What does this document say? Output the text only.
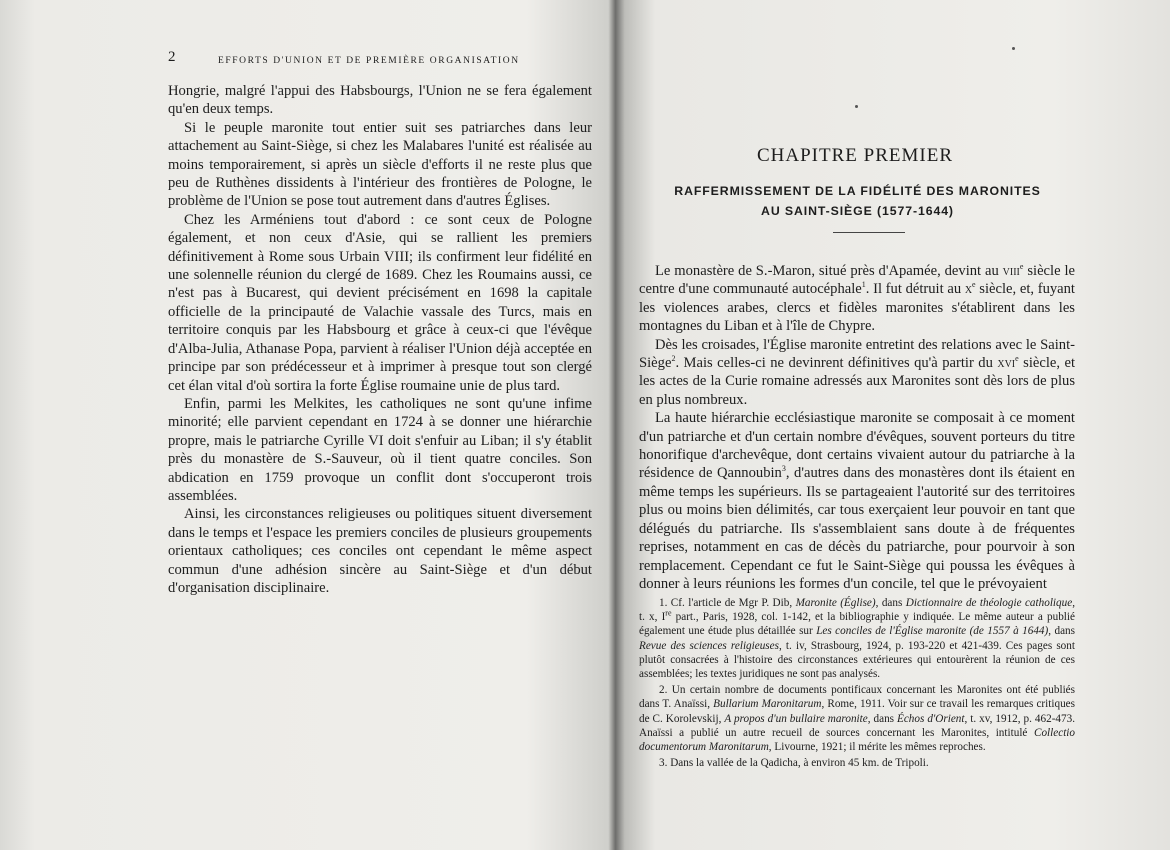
EFFORTS D'UNION ET DE PREMIÈRE ORGANISATION
2

Hongrie, malgré l'appui des Habsbourgs, l'Union ne se fera également qu'en deux temps.

Si le peuple maronite tout entier suit ses patriarches dans leur attachement au Saint-Siège, si chez les Malabares l'unité est réalisée au moins temporairement, si après un siècle d'efforts il ne reste plus que peu de Ruthènes dissidents à l'intérieur des frontières de Pologne, le problème de l'Union se pose tout autrement dans d'autres Églises.

Chez les Arméniens tout d'abord : ce sont ceux de Pologne également, et non ceux d'Asie, qui se rallient les premiers définitivement à Rome sous Urbain VIII; ils confirment leur fidélité en une solennelle réunion du clergé de 1689. Chez les Roumains aussi, ce n'est pas à Bucarest, qui devient précisément en 1698 la capitale officielle de la principauté de Valachie vassale des Turcs, mais en territoire conquis par les Habsbourg et grâce à ceux-ci que l'évêque d'Alba-Julia, Athanase Popa, parvient à réaliser l'Union déjà acceptée en principe par son prédécesseur et à imprimer à presque tout son clergé cet élan vital d'où sortira la forte Église roumaine unie de plus tard.

Enfin, parmi les Melkites, les catholiques ne sont qu'une infime minorité; elle parvient cependant en 1724 à se donner une hiérarchie propre, mais le patriarche Cyrille VI doit s'enfuir au Liban; il s'y établit près du monastère de S.-Sauveur, où il tient quatre conciles. Son abdication en 1759 provoque un conflit dont s'occuperont trois assemblées.

Ainsi, les circonstances religieuses ou politiques situent diversement dans le temps et l'espace les premiers conciles de plusieurs groupements orientaux catholiques; ces conciles ont cependant le même aspect commun d'une adhésion sincère au Saint-Siège et d'un début d'organisation disciplinaire.

CHAPITRE PREMIER
RAFFERMISSEMENT DE LA FIDÉLITÉ DES MARONITES
AU SAINT-SIÈGE (1577-1644)

Le monastère de S.-Maron, situé près d'Apamée, devint au viii$^e$ siècle le centre d'une communauté autocéphale$^1$. Il fut détruit au $x^e$ siècle, et, fuyant les violences arabes, clercs et fidèles maronites s'établirent dans les montagnes du Liban et à l'île de Chypre.

Dès les croisades, l'Église maronite entretint des relations avec le Saint-Siège$^2$. Mais celles-ci ne devinrent définitives qu'à partir du xvi$^e$ siècle, et les actes de la Curie romaine adressés aux Maronites sont dès lors de plus en plus nombreux.

La haute hiérarchie ecclésiastique maronite se composait à ce moment d'un patriarche et d'un certain nombre d'évêques, souvent porteurs du titre honorifique d'archevêque, dont certains vivaient autour du patriarche à la résidence de Qannoubin$^3$, d'autres dans des monastères dont ils étaient en même temps les supérieurs. Ils se partageaient l'autorité sur des territoires plus ou moins bien délimités, car tous exerçaient leur pouvoir en tant que délégués du patriarche. Ils s'assemblaient sans doute à de fréquentes reprises, notamment en cas de décès du patriarche, pour pourvoir à son remplacement. Cependant ce fut le Saint-Siège qui poussa les évêques à donner à leurs réunions les formes d'un concile, tel que le prévoyaient

1. Cf. l'article de Mgr P. Dib, Maronite (Église), dans Dictionnaire de théologie catholique, t. x, Ire part., Paris, 1928, col. 1-142, et la bibliographie y indiquée. Le même auteur a publié également une étude plus détaillée sur Les conciles de l'Église maronite (de 1557 à 1644), dans Revue des sciences religieuses, t. iv, Strasbourg, 1924, p. 193-220 et 421-439. Ces pages sont plutôt consacrées à l'histoire des circonstances extérieures qui entourèrent la réunion de ces assemblées; les textes juridiques ne sont pas analysés.

2. Un certain nombre de documents pontificaux concernant les Maronites ont été publiés dans T. Anaïssi, Bullarium Maronitarum, Rome, 1911. Voir sur ce travail les remarques critiques de C. Korolevskij, A propos d'un bullaire maronite, dans Échos d'Orient, t. xv, 1912, p. 462-473. Anaïssi a publié un autre recueil de sources concernant les Maronites, intitulé Collectio documentorum Maronitarum, Livourne, 1921; il mérite les mêmes reproches.

3. Dans la vallée de la Qadicha, à environ 45 km. de Tripoli.
